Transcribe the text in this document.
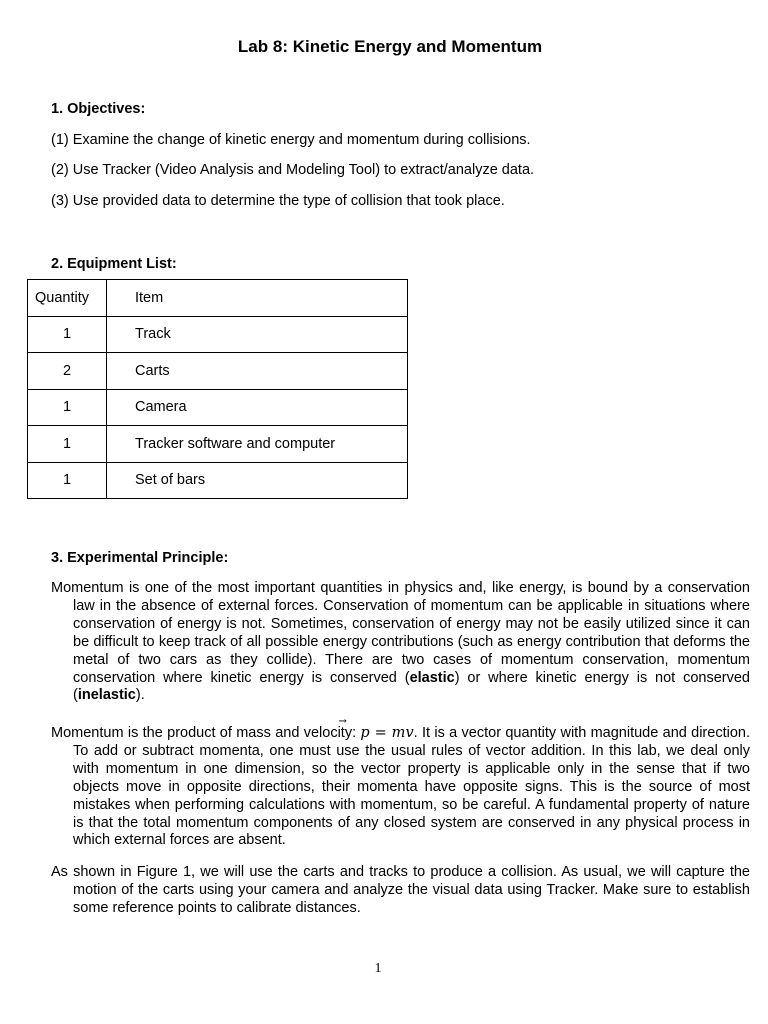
Lab 8: Kinetic Energy and Momentum
1. Objectives:
(1) Examine the change of kinetic energy and momentum during collisions.
(2) Use Tracker (Video Analysis and Modeling Tool) to extract/analyze data.
(3) Use provided data to determine the type of collision that took place.
2. Equipment List:
Quantity	Item
1	Track
2	Carts
1	Camera
1	Tracker software and computer
1	Set of bars
3. Experimental Principle:
Momentum is one of the most important quantities in physics and, like energy, is bound by a conservation law in the absence of external forces. Conservation of momentum can be applicable in situations where conservation of energy is not. Sometimes, conservation of energy may not be easily utilized since it can be difficult to keep track of all possible energy contributions (such as energy contribution that deforms the metal of two cars as they collide). There are two cases of momentum conservation, momentum conservation where kinetic energy is conserved (elastic) or where kinetic energy is not conserved (inelastic).
Momentum is the product of mass and velocity: → p = m→ v. It is a vector quantity with magnitude and direction. To add or subtract momenta, one must use the usual rules of vector addition. In this lab, we deal only with momentum in one dimension, so the vector property is applicable only in the sense that if two objects move in opposite directions, their momenta have opposite signs. This is the source of most mistakes when performing calculations with momentum, so be careful. A fundamental property of nature is that the total momentum components of any closed system are conserved in any physical process in which external forces are absent.
As shown in Figure 1, we will use the carts and tracks to produce a collision. As usual, we will capture the motion of the carts using your camera and analyze the visual data using Tracker. Make sure to establish some reference points to calibrate distances.
1
